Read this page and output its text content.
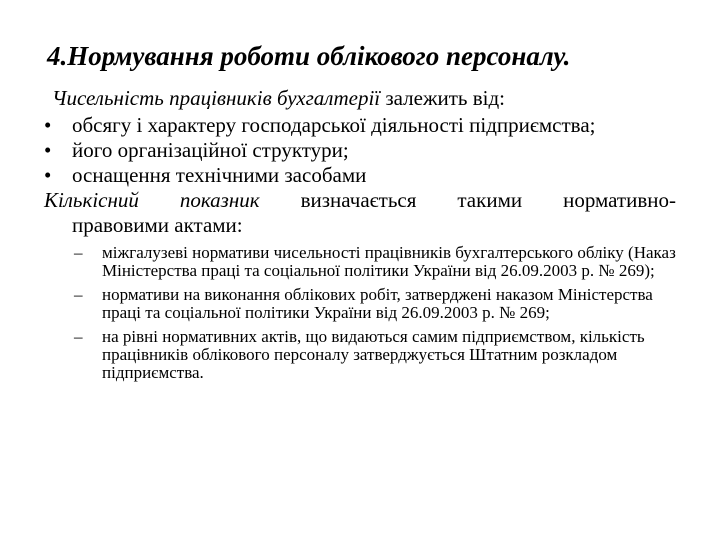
4.Нормування роботи облікового персоналу.
Чисельність працівників бухгалтерії залежить від:
• обсягу і характеру господарської діяльності підприємства;
• його організаційної структури;
• оснащення технічними засобами
Кількісний показник визначається такими нормативно-
правовими актами:
– міжгалузеві нормативи чисельності працівників бухгалтерського обліку (Наказ Міністерства праці та соціальної політики України від 26.09.2003 р. № 269);
– нормативи на виконання облікових робіт, затверджені наказом Міністерства праці та соціальної політики України від 26.09.2003 р. № 269;
– на рівні нормативних актів, що видаються самим підприємством, кількість працівників облікового персоналу затверджується Штатним розкладом підприємства.
